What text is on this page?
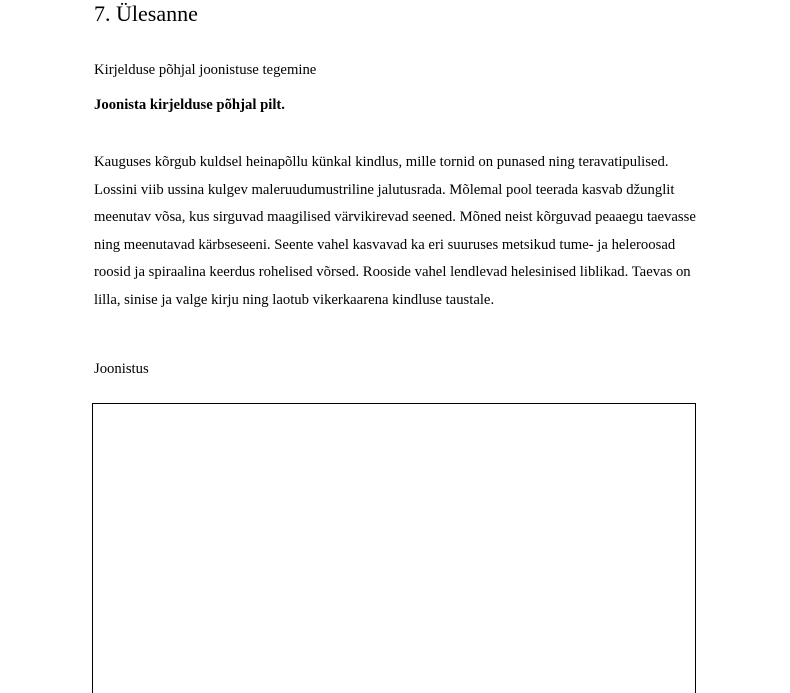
7. Ülesanne

Kirjelduse põhjal joonistuse tegemine

Joonista kirjelduse põhjal pilt.

Kauguses kõrgub kuldsel heinapõllu künkal kindlus, mille tornid on punased ning teravatipulised. Lossini viib ussina kulgev maleruudumustriline jalutusrada. Mõlemal pool teerada kasvab džunglit meenutav võsa, kus sirguvad maagilised värvikirevad seened. Mõned neist kõrguvad peaaegu taevasse ning meenutavad kärbseseeni. Seente vahel kasvavad ka eri suuruses metsikud tume- ja heleroosad roosid ja spiraalina keerdus rohelised võrsed. Rooside vahel lendlevad helesinised liblikad. Taevas on lilla, sinise ja valge kirju ning laotub vikerkaarena kindluse taustale.

Joonistus
